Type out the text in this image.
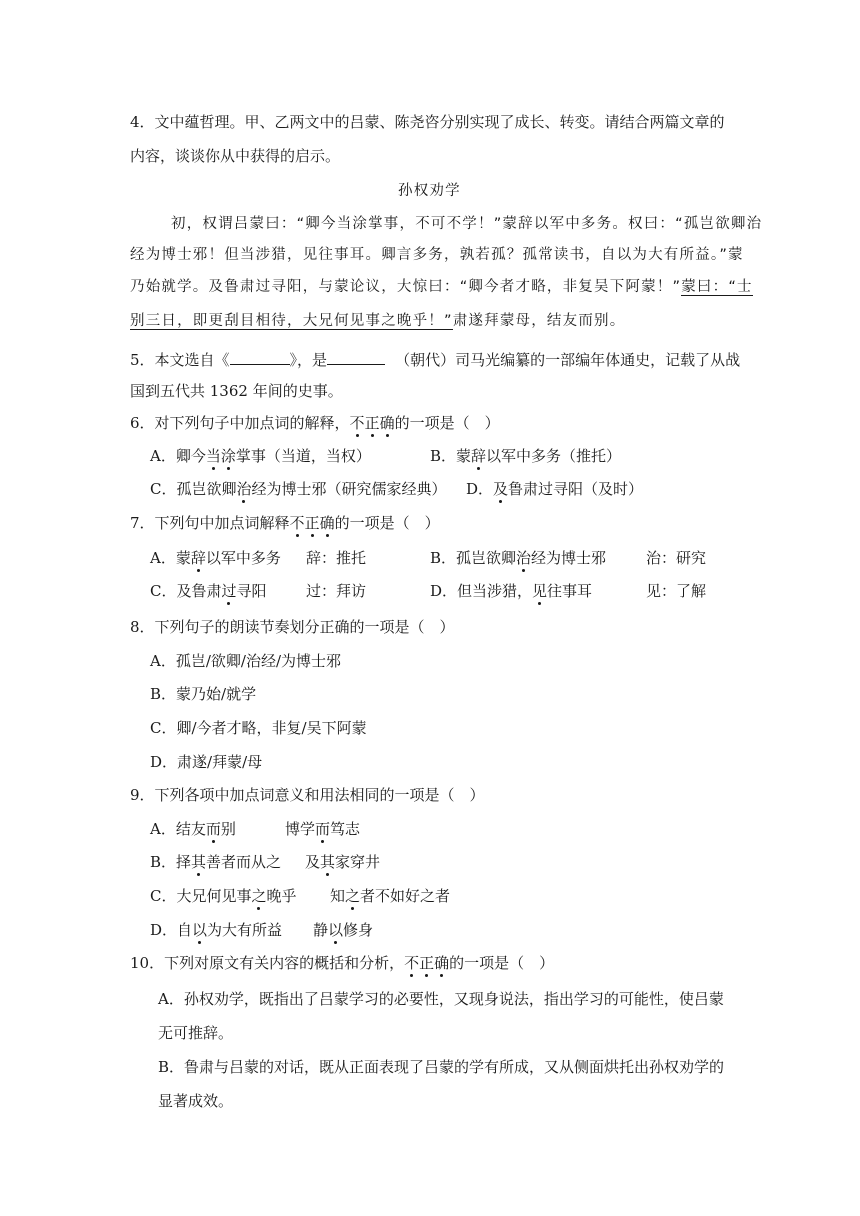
4．文中蕴哲理。甲、乙两文中的吕蒙、陈尧咨分别实现了成长、转变。请结合两篇文章的
内容，谈谈你从中获得的启示。
孙权劝学
初，权谓吕蒙曰：“卿今当涂掌事，不可不学！”蒙辞以军中多务。权曰：“孤岂欲卿治
经为博士邪！但当涉猎，见往事耳。卿言多务，孰若孤？孤常读书，自以为大有所益。”蒙
乃始就学。及鲁肃过寻阳，与蒙论议，大惊曰：“卿今者才略，非复吴下阿蒙！”蒙曰：“士
别三日，即更刮目相待，大兄何见事之晚乎！”肃遂拜蒙母，结友而别。
5．本文选自《	》，是	（朝代）司马光编纂的一部编年体通史，记载了从战
国到五代共 1362 年间的史事。
6．对下列句子中加点词的解释，不正确的一项是（　）
A．卿今当涂掌事（当道，当权）	B．蒙辞以军中多务（推托）
C．孤岂欲卿治经为博士邪（研究儒家经典） D．及鲁肃过寻阳（及时）
7．下列句中加点词解释不正确的一项是（　）
A．蒙辞以军中多务 辞：推托	B．孤岂欲卿治经为博士邪	治：研究
C．及鲁肃过寻阳	过：拜访	D．但当涉猎，见往事耳	见：了解
8．下列句子的朗读节奏划分正确的一项是（　）
A．孤岂/欲卿/治经/为博士邪
B．蒙乃始/就学
C．卿/今者才略，非复/吴下阿蒙
D．肃遂/拜蒙/母
9．下列各项中加点词意义和用法相同的一项是（　）
A．结友而别	博学而笃志
B．择其善者而从之 及其家穿井
C．大兄何见事之晚乎 知之者不如好之者
D．自以为大有所益 静以修身
10．下列对原文有关内容的概括和分析，不正确的一项是（　）
A．孙权劝学，既指出了吕蒙学习的必要性，又现身说法，指出学习的可能性，使吕蒙
无可推辞。
B．鲁肃与吕蒙的对话，既从正面表现了吕蒙的学有所成，又从侧面烘托出孙权劝学的
显著成效。
